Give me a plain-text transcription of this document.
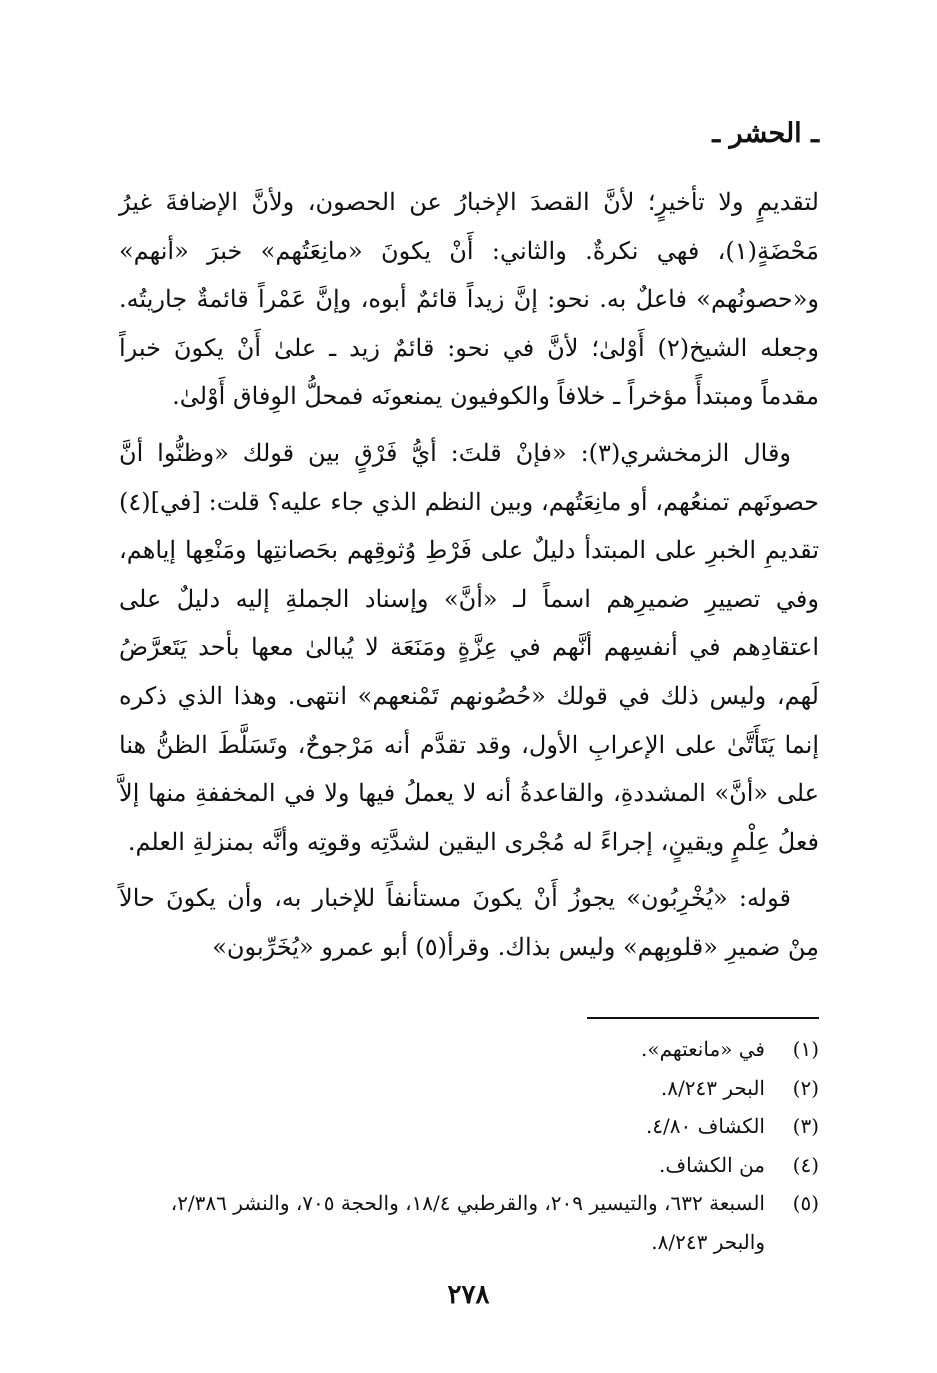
ـ الحشر ـ

لتقديمٍ ولا تأخيرٍ؛ لأنَّ القصدَ الإخبارُ عن الحصون، ولأنَّ الإضافةَ غيرُ مَحْضَةٍ(١)، فهي نكرةٌ. والثاني: أَنْ يكونَ «مانِعَتُهم» خبرَ «أنهم» و«حصونُهم» فاعلٌ به. نحو: إنَّ زيداً قائمٌ أبوه، وإنَّ عَمْراً قائمةٌ جاريتُه. وجعله الشيخ(٢) أَوْلىٰ؛ لأنَّ في نحو: قائمٌ زيد ـ علىٰ أَنْ يكونَ خبراً مقدماً ومبتدأً مؤخراً ـ خلافاً والكوفيون يمنعونَه فمحلُّ الوِفاق أَوْلىٰ.

وقال الزمخشري(٣): «فإنْ قلتَ: أيُّ فَرْقٍ بين قولك «وظنُّوا أنَّ حصونَهم تمنعُهم، أو مانِعَتُهم، وبين النظم الذي جاء عليه؟ قلت: [في](٤) تقديمِ الخبرِ على المبتدأ دليلٌ على فَرْطِ وُثوقِهم بحَصانتِها ومَنْعِها إياهم، وفي تصييرِ ضميرِهم اسماً لـ «أنَّ» وإسناد الجملةِ إليه دليلٌ على اعتقادِهم في أنفسِهم أنَّهم في عِزَّةٍ ومَنَعَة لا يُبالىٰ معها بأحد يَتَعرَّضُ لَهم، وليس ذلك في قولك «حُصُونهم تَمْنعهم» انتهى. وهذا الذي ذكره إنما يَتَأَتَّىٰ على الإعرابِ الأول، وقد تقدَّم أنه مَرْجوحٌ، وتَسَلَّطَ الظنُّ هنا على «أنَّ» المشددةِ، والقاعدةُ أنه لا يعملُ فيها ولا في المخففةِ منها إلاَّ فعلُ عِلْمٍ ويقينٍ، إجراءً له مُجْرى اليقين لشدَّتِه وقوتِه وأنَّه بمنزلةِ العلم.

قوله: «يُخْرِبُون» يجوزُ أَنْ يكونَ مستأنفاً للإخبار به، وأن يكونَ حالاً مِنْ ضميرِ «قلوبِهم» وليس بذاك. وقرأ(٥) أبو عمرو «يُخَرِّبون»

(١)
في «مانعتهم».
(٢)
البحر ٨/٢٤٣.
(٣)
الكشاف ٤/٨٠.
(٤)
من الكشاف.
(٥)
السبعة ٦٣٢، والتيسير ٢٠٩، والقرطبي ١٨/٤، والحجة ٧٠٥، والنشر ٢/٣٨٦، والبحر ٨/٢٤٣.
٢٧٨
